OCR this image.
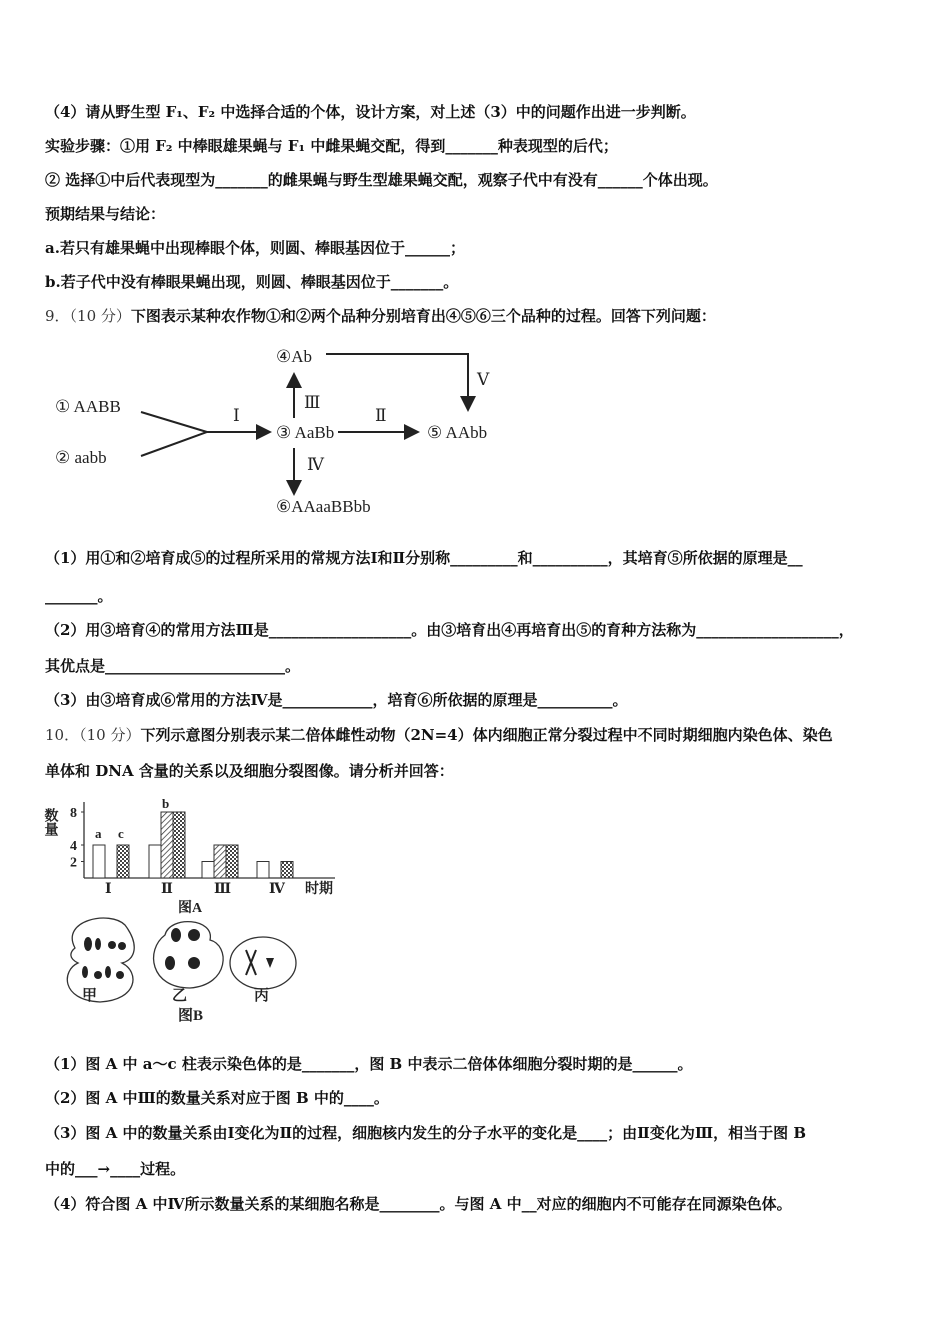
（4）请从野生型 F₁、F₂ 中选择合适的个体，设计方案，对上述（3）中的问题作出进一步判断。
实验步骤：①用 F₂ 中棒眼雄果蝇与 F₁ 中雌果蝇交配，得到_______种表现型的后代；
② 选择①中后代表现型为_______的雌果蝇与野生型雄果蝇交配，观察子代中有没有______个体出现。
预期结果与结论：
a.若只有雄果蝇中出现棒眼个体，则圆、棒眼基因位于______；
b.若子代中没有棒眼果蝇出现，则圆、棒眼基因位于_______。
9．（10 分）下图表示某种农作物①和②两个品种分别培育出④⑤⑥三个品种的过程。回答下列问题：
① AABB
② aabb
③ AaBb
④Ab
⑤ AAbb
⑥AAaaBBbb
Ⅰ	Ⅱ
Ⅲ
Ⅳ
Ⅴ
（1）用①和②培育成⑤的过程所采用的常规方法Ⅰ和Ⅱ分别称_________和__________，其培育⑤所依据的原理是__
_______。
（2）用③培育④的常用方法Ⅲ是___________________。由③培育出④再培育出⑤的育种方法称为___________________，
其优点是________________________。
（3）由③培育成⑥常用的方法Ⅳ是____________，培育⑥所依据的原理是__________。
10．（10 分）下列示意图分别表示某二倍体雌性动物（2N=4）体内细胞正常分裂过程中不同时期细胞内染色体、染色
单体和 DNA 含量的关系以及细胞分裂图像。请分析并回答：
2
4
8
Ⅰ	Ⅱ	Ⅲ	Ⅳ
a c
b
数量
时期
图A
甲	乙	丙
图B
（1）图 A 中 a～c 柱表示染色体的是_______，图 B 中表示二倍体体细胞分裂时期的是______。
（2）图 A 中Ⅲ的数量关系对应于图 B 中的____。
（3）图 A 中的数量关系由Ⅰ变化为Ⅱ的过程，细胞核内发生的分子水平的变化是____；由Ⅱ变化为Ⅲ，相当于图 B
中的___→____过程。
（4）符合图 A 中Ⅳ所示数量关系的某细胞名称是________。与图 A 中__对应的细胞内不可能存在同源染色体。
